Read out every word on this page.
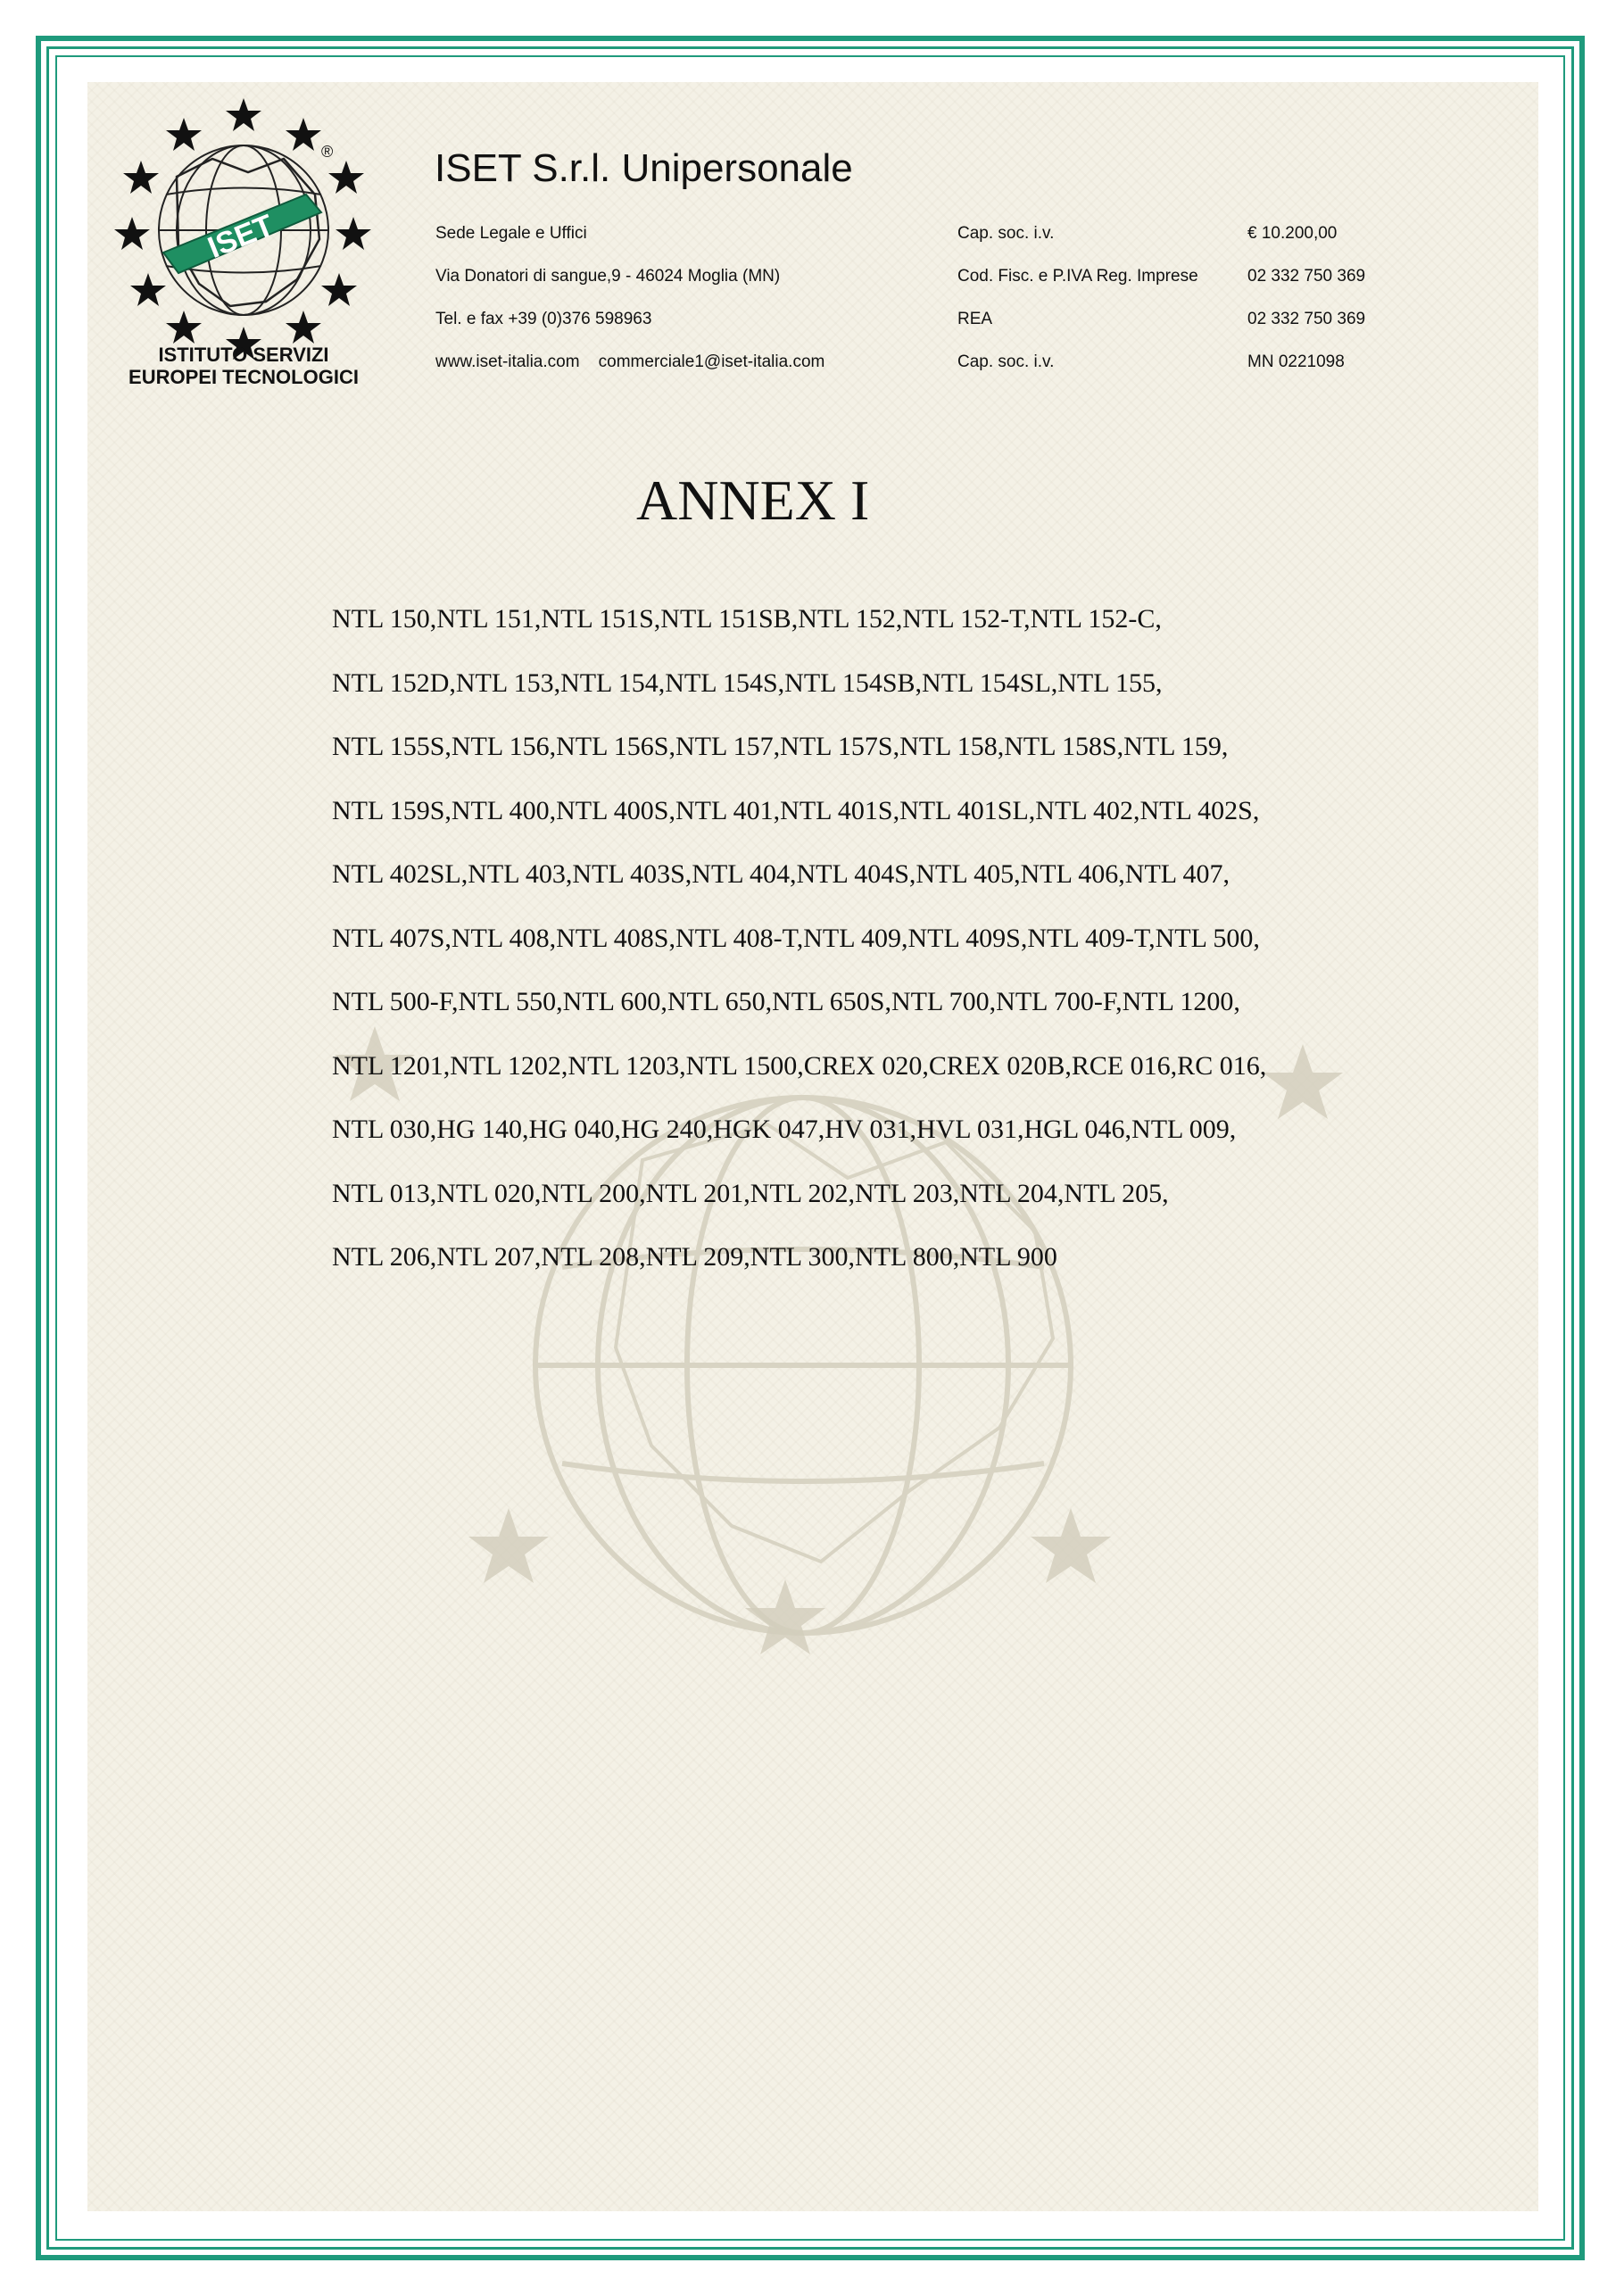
ISET
®
ISTITUTO SERVIZI
EUROPEI TECNOLOGICI
ISET S.r.l. Unipersonale
Sede Legale e Uffici	Cap. soc. i.v.	€ 10.200,00
Via Donatori di sangue,9 - 46024 Moglia (MN)	Cod. Fisc. e P.IVA Reg. Imprese	02 332 750 369
Tel. e fax +39 (0)376 598963	REA	02 332 750 369
www.iset-italia.com    commerciale1@iset-italia.com	Cap. soc. i.v.	MN 0221098
ANNEX I
NTL 150,NTL 151,NTL 151S,NTL 151SB,NTL 152,NTL 152-T,NTL 152-C,
NTL 152D,NTL 153,NTL 154,NTL 154S,NTL 154SB,NTL 154SL,NTL 155,
NTL 155S,NTL 156,NTL 156S,NTL 157,NTL 157S,NTL 158,NTL 158S,NTL 159,
NTL 159S,NTL 400,NTL 400S,NTL 401,NTL 401S,NTL 401SL,NTL 402,NTL 402S,
NTL 402SL,NTL 403,NTL 403S,NTL 404,NTL 404S,NTL 405,NTL 406,NTL 407,
NTL 407S,NTL 408,NTL 408S,NTL 408-T,NTL 409,NTL 409S,NTL 409-T,NTL 500,
NTL 500-F,NTL 550,NTL 600,NTL 650,NTL 650S,NTL 700,NTL 700-F,NTL 1200,
NTL 1201,NTL 1202,NTL 1203,NTL 1500,CREX 020,CREX 020B,RCE 016,RC 016,
NTL 030,HG 140,HG 040,HG 240,HGK 047,HV 031,HVL 031,HGL 046,NTL 009,
NTL 013,NTL 020,NTL 200,NTL 201,NTL 202,NTL 203,NTL 204,NTL 205,
NTL 206,NTL 207,NTL 208,NTL 209,NTL 300,NTL 800,NTL 900
